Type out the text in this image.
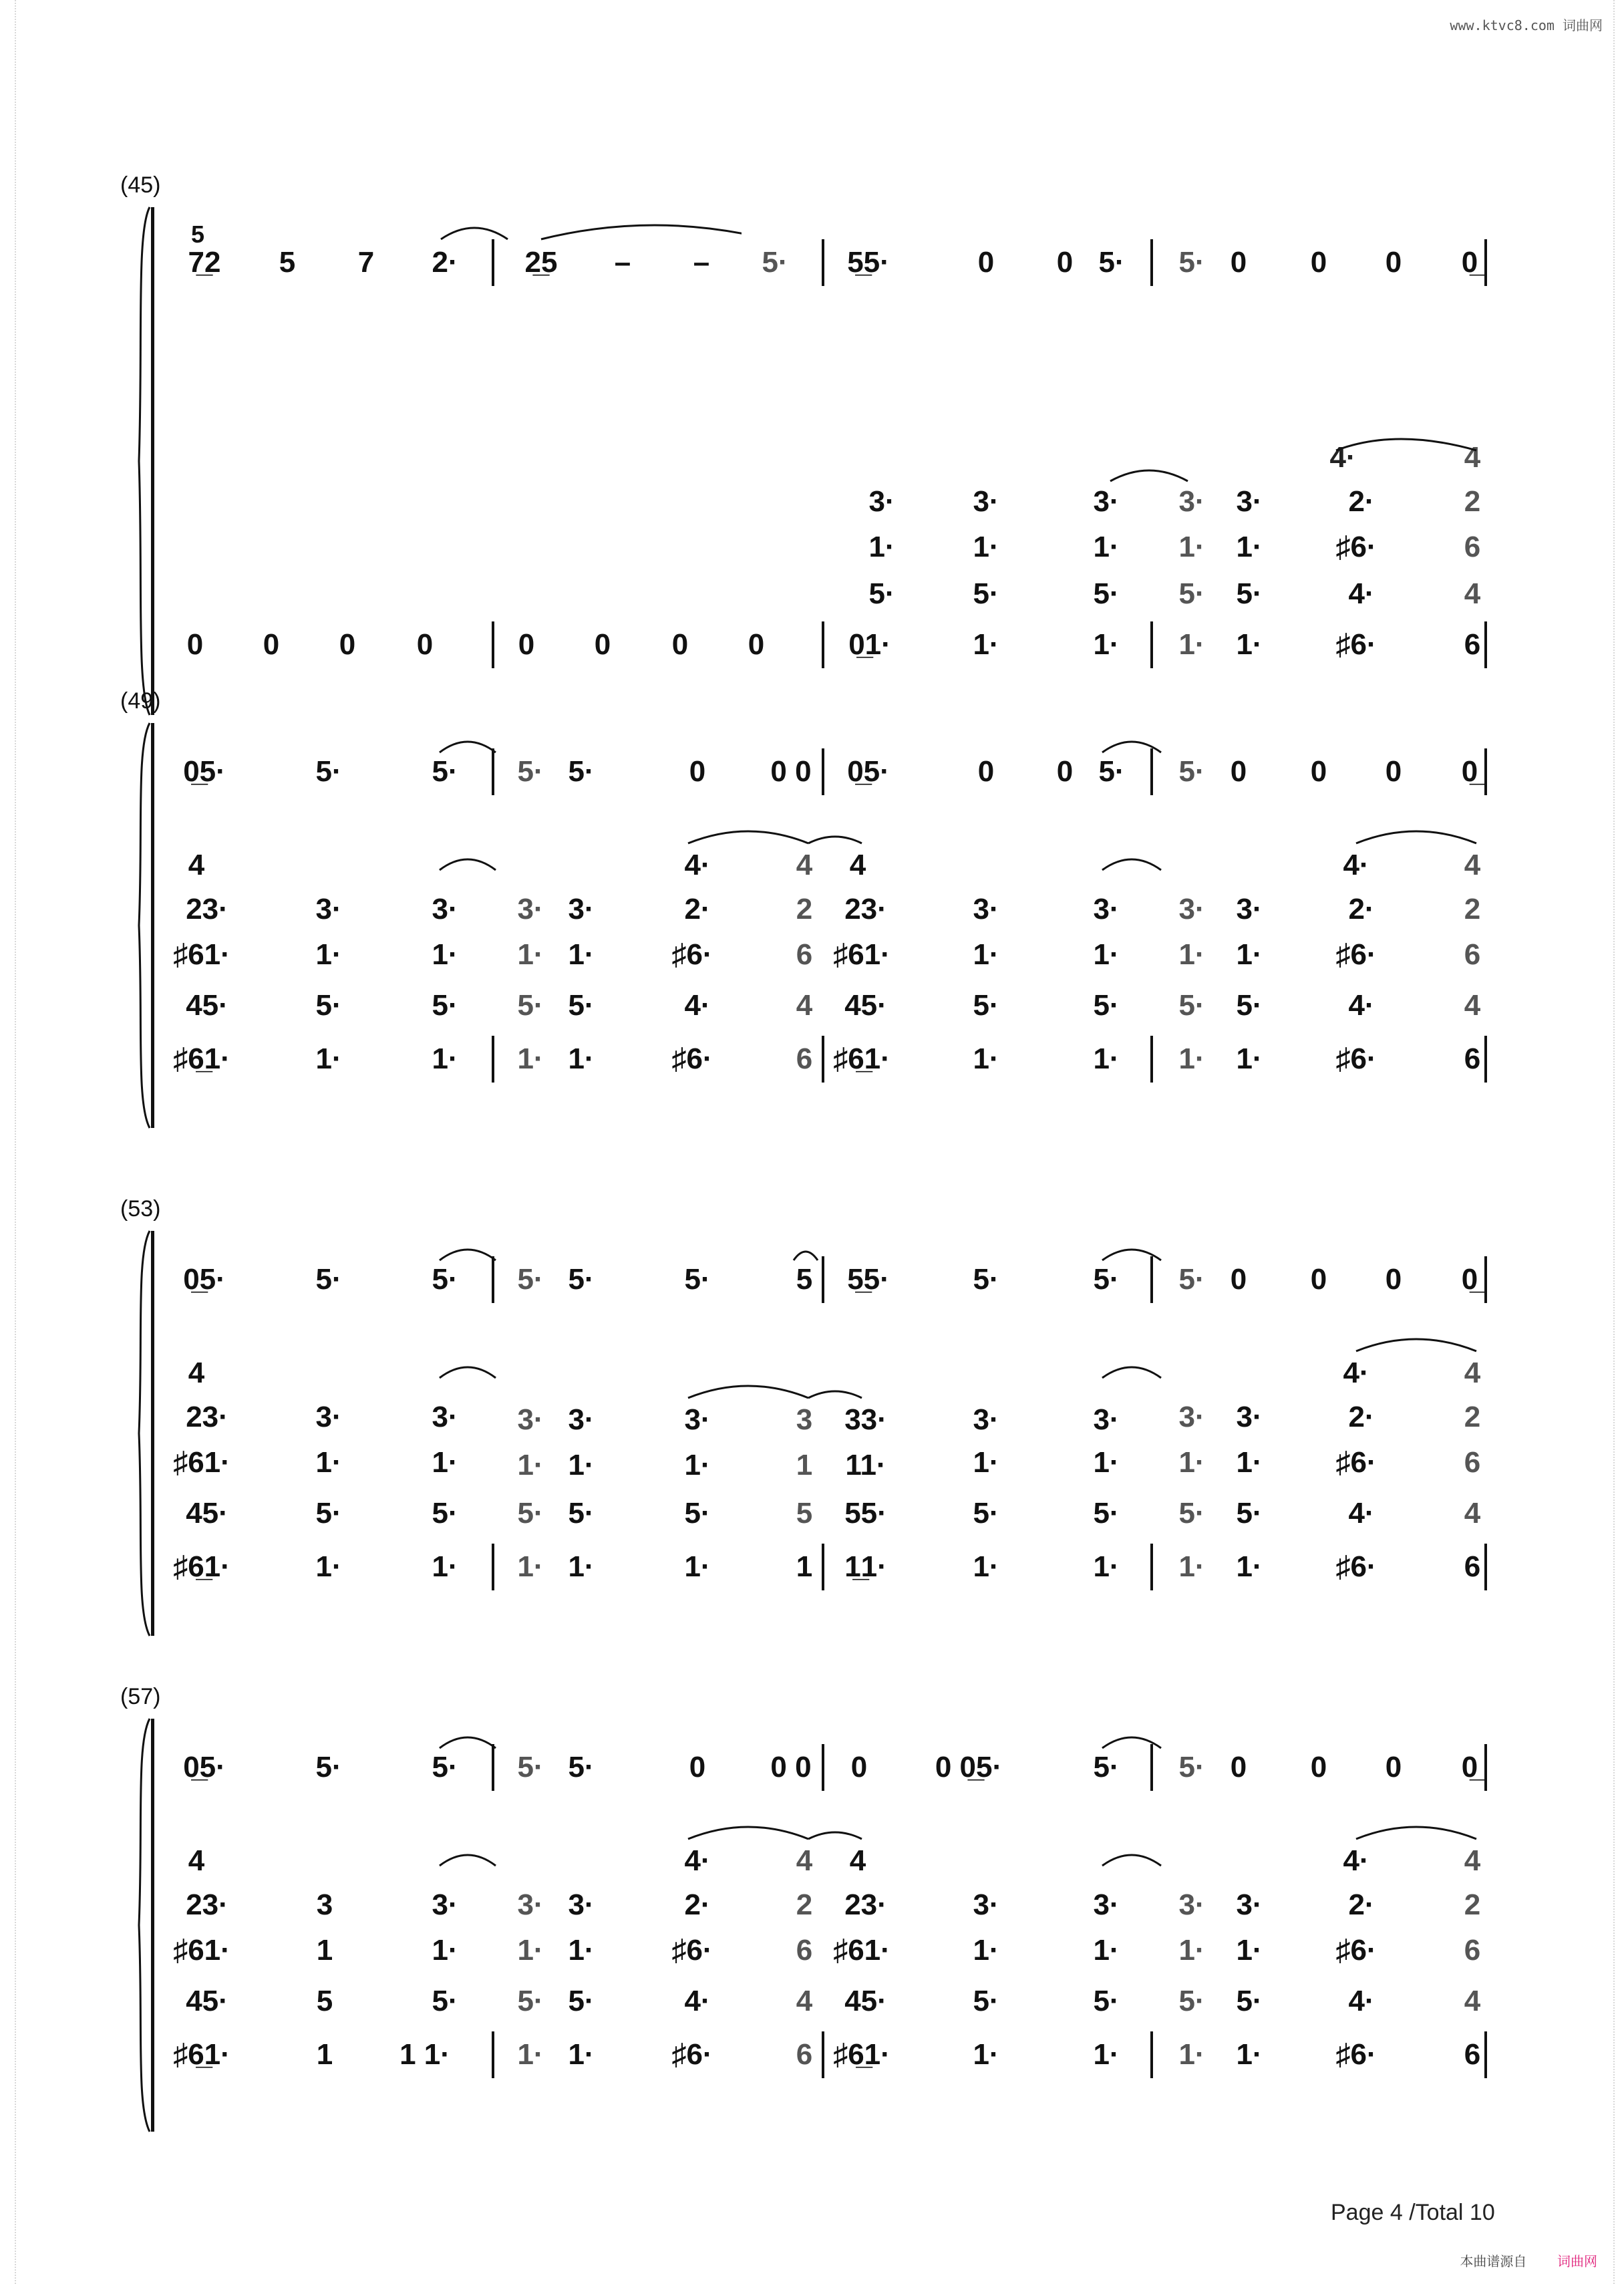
www.ktvc8.com 词曲网
(45)
5
7̲2 5 7 2· 2̲5 – – 5· 5̲5·	0 0 5· 5· 0 0 0 0̲
4·	4
3·	3·	3· 3· 3·	2·	2
1·	1·	1· 1· 1· ♯6·	6
5·	5·	5· 5· 5·	4·	4
0 0 0 0	0 0 0 0	0̲1·	1·	1· 1· 1· ♯6·	6
(49)
0̲5·	5·	5· 5· 5·	0 0 0 0̲5·	0 0 5· 5· 0 0 0 0̲
4	4·	4 4	4·	4
23·	3·	3· 3· 3·	2·	2 23·	3·	3· 3· 3·	2·	2
♯61·	1·	1· 1· 1·	♯6·	6 ♯61·	1·	1· 1· 1· ♯6·	6
45·	5·	5· 5· 5·	4·	4 45·	5·	5· 5· 5·	4·	4
♯6̲1·	1·	1· 1· 1·	♯6·	6 ♯6̲1·	1·	1· 1· 1· ♯6·	6
(53)
0̲5·	5·	5· 5· 5·	5·	5 5̲5·	5·	5· 5· 0 0 0 0̲
4	4·	4
23·	3·	3· 3· 3·	3·	3 33·	3·	3· 3· 3·	2·	2
♯61·	1·	1· 1· 1·	1·	1 11·	1·	1· 1· 1· ♯6·	6
45·	5·	5· 5· 5·	5·	5 55·	5·	5· 5· 5·	4·	4
♯6̲1·	1·	1· 1· 1·	1·	1 1̲1·	1·	1· 1· 1· ♯6·	6
(57)
0̲5·	5·	5· 5· 5·	0 0 0 0 0 0̲5·	5· 5· 0 0 0 0̲
4	4·	4 4	4·	4
23·	3	3· 3· 3·	2·	2 23·	3·	3· 3· 3·	2·	2
♯61·	1	1· 1· 1·	♯6·	6 ♯61·	1·	1· 1· 1· ♯6·	6
45·	5	5· 5· 5·	4·	4 45·	5·	5· 5· 5·	4·	4
♯6̲1·	1 1 1· 1· 1·	♯6·	6 ♯6̲1·	1·	1· 1· 1· ♯6·	6
Page 4 /Total 10
本曲谱源自 词曲网
